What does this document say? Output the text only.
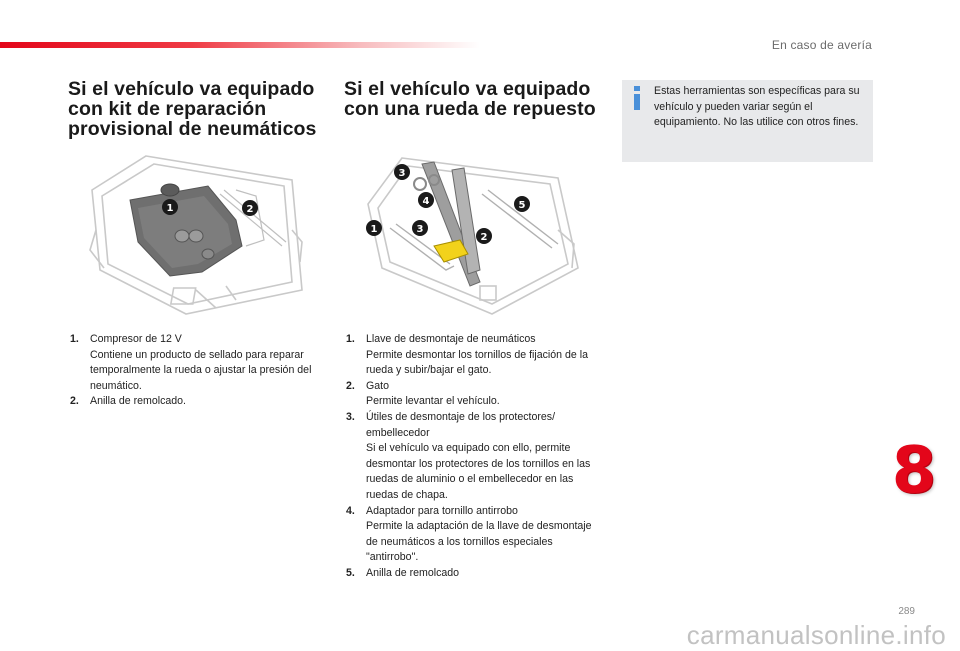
En caso de avería
Si el vehículo va equipado con kit de reparación provisional de neumáticos
Si el vehículo va equipado con una rueda de repuesto
Estas herramientas son específicas para su vehículo y pueden variar según el equipamiento. No las utilice con otros fines.
1	2
3
4	5
1	3
2
1. Compresor de 12 V
Contiene un producto de sellado para reparar temporalmente la rueda o ajustar la presión del neumático.
2. Anilla de remolcado.
1. Llave de desmontaje de neumáticos
Permite desmontar los tornillos de fijación de la rueda y subir/bajar el gato.
2. Gato
Permite levantar el vehículo.
3. Útiles de desmontaje de los protectores/ embellecedor
Si el vehículo va equipado con ello, permite desmontar los protectores de los tornillos en las ruedas de aluminio o el embellecedor en las ruedas de chapa.
4. Adaptador para tornillo antirrobo
Permite la adaptación de la llave de desmontaje de neumáticos a los tornillos especiales "antirrobo".
5. Anilla de remolcado
8
289
carmanualsonline.info
